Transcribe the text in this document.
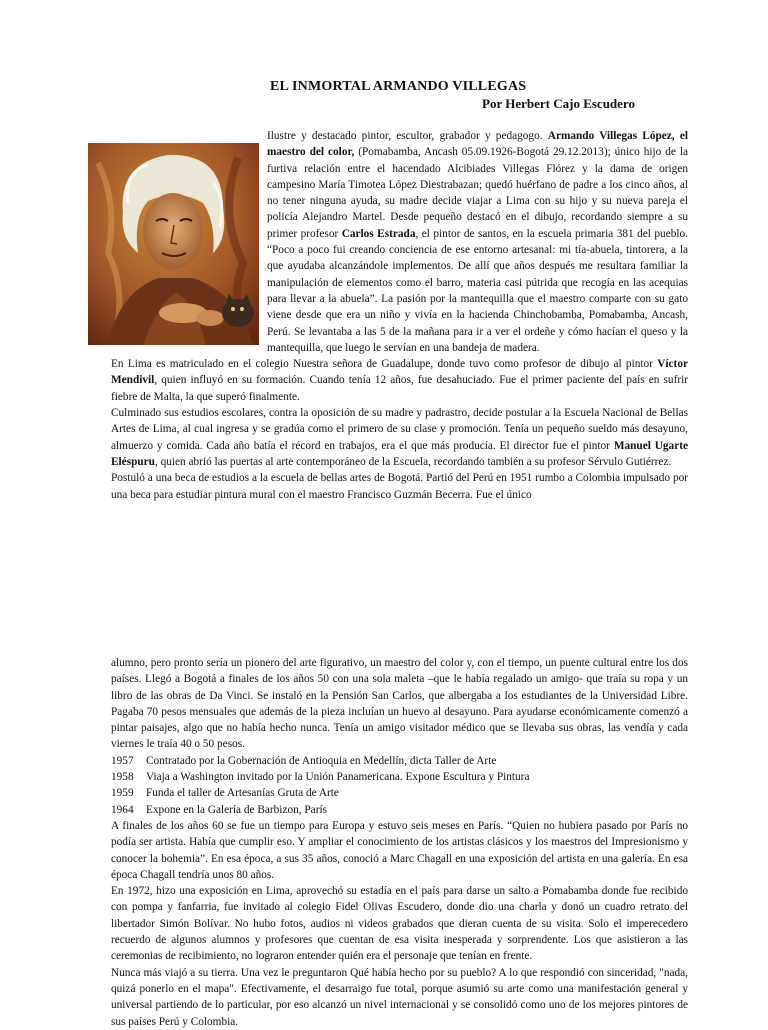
EL INMORTAL ARMANDO VILLEGAS
Por Herbert Cajo Escudero

Ilustre y destacado pintor, escultor, grabador y pedagogo. Armando Villegas López, el maestro del color, (Pomabamba, Ancash 05.09.1926-Bogotá 29.12.2013); único hijo de la furtiva relación entre el hacendado Alcibiades Villegas Flórez y la dama de origen campesino María Timotea López Diestrabazan; quedó huérfano de padre a los cinco años, al no tener ninguna ayuda, su madre decide viajar a Lima con su hijo y su nueva pareja el policía Alejandro Martel. Desde pequeño destacó en el dibujo, recordando siempre a su primer profesor Carlos Estrada, el pintor de santos, en la escuela primaria 381 del pueblo. “Poco a poco fui creando conciencia de ese entorno artesanal: mi tía-abuela, tintorera, a la que ayudaba alcanzándole implementos. De allí que años después me resultara familiar la manipulación de elementos como el barro, materia casi pútrida que recogía en las acequias para llevar a la abuela”. La pasión por la mantequilla que el maestro comparte con su gato viene desde que era un niño y vivía en la hacienda Chinchobamba, Pomabamba, Ancash, Perú. Se levantaba a las 5 de la mañana para ir a ver el ordeñe y cómo hacían el queso y la mantequilla, que luego le servían en una bandeja de madera.

En Lima es matriculado en el colegio Nuestra señora de Guadalupe, donde tuvo como profesor de dibujo al pintor Víctor Mendivil, quien influyó en su formación. Cuando tenía 12 años, fue desahuciado. Fue el primer paciente del país en sufrir fiebre de Malta, la que superó finalmente.

Culminado sus estudios escolares, contra la oposición de su madre y padrastro, decide postular a la Escuela Nacional de Bellas Artes de Lima, al cual ingresa y se gradúa como el primero de su clase y promoción. Tenía un pequeño sueldo más desayuno, almuerzo y comida. Cada año batía el récord en trabajos, era el que más producía. El director fue el pintor Manuel Ugarte Eléspuru, quien abrió las puertas al arte contemporáneo de la Escuela, recordando también a su profesor Sérvulo Gutiérrez.

Postuló a una beca de estudios a la escuela de bellas artes de Bogotá. Partió del Perú en 1951 rumbo a Colombia impulsado por una beca para estudiar pintura mural con el maestro Francisco Guzmán Becerra. Fue el único

alumno, pero pronto sería un pionero del arte figurativo, un maestro del color y, con el tiempo, un puente cultural entre los dos países. Llegó a Bogotá a finales de los años 50 con una sola maleta –que le había regalado un amigo- que traía su ropa y un libro de las obras de Da Vinci. Se instaló en la Pensión San Carlos, que albergaba a los estudiantes de la Universidad Libre. Pagaba 70 pesos mensuales que además de la pieza incluían un huevo al desayuno. Para ayudarse económicamente comenzó a pintar paisajes, algo que no había hecho nunca. Tenía un amigo visitador médico que se llevaba sus obras, las vendía y cada viernes le traía 40 o 50 pesos.

1957	Contratado por la Gobernación de Antioquia en Medellín, dicta Taller de Arte
1958	Viaja a Washington invitado por la Unión Panamericana. Expone Escultura y Pintura
1959	Funda el taller de Artesanías Gruta de Arte
1964	Expone en la Galería de Barbizon, París

A finales de los años 60 se fue un tiempo para Europa y estuvo seis meses en París. “Quien no hubiera pasado por París no podía ser artista. Había que cumplir eso. Y ampliar el conocimiento de los artistas clásicos y los maestros del Impresionismo y conocer la bohemia”. En esa época, a sus 35 años, conoció a Marc Chagall en una exposición del artista en una galería. En esa época Chagall tendría unos 80 años.

En 1972, hizo una exposición en Lima, aprovechó su estadía en el país para darse un salto a Pomabamba donde fue recibido con pompa y fanfarria, fue invitado al colegio Fidel Olivas Escudero, donde dio una charla y donó un cuadro retrato del libertador Simón Bolívar. No hubo fotos, audios ni videos grabados que dieran cuenta de su visita. Solo el imperecedero recuerdo de algunos alumnos y profesores que cuentan de esa visita inesperada y sorprendente. Los que asistieron a las ceremonias de recibimiento, no lograron entender quién era el personaje que tenían en frente.

Nunca más viajó a su tierra. Una vez le preguntaron Qué había hecho por su pueblo? A lo que respondió con sinceridad, "nada, quizá ponerlo en el mapa". Efectivamente, el desarraigo fue total, porque asumió su arte como una manifestación general y universal partiendo de lo particular, por eso alcanzó un nivel internacional y se consolidó como uno de los mejores pintores de sus países Perú y Colombia.
